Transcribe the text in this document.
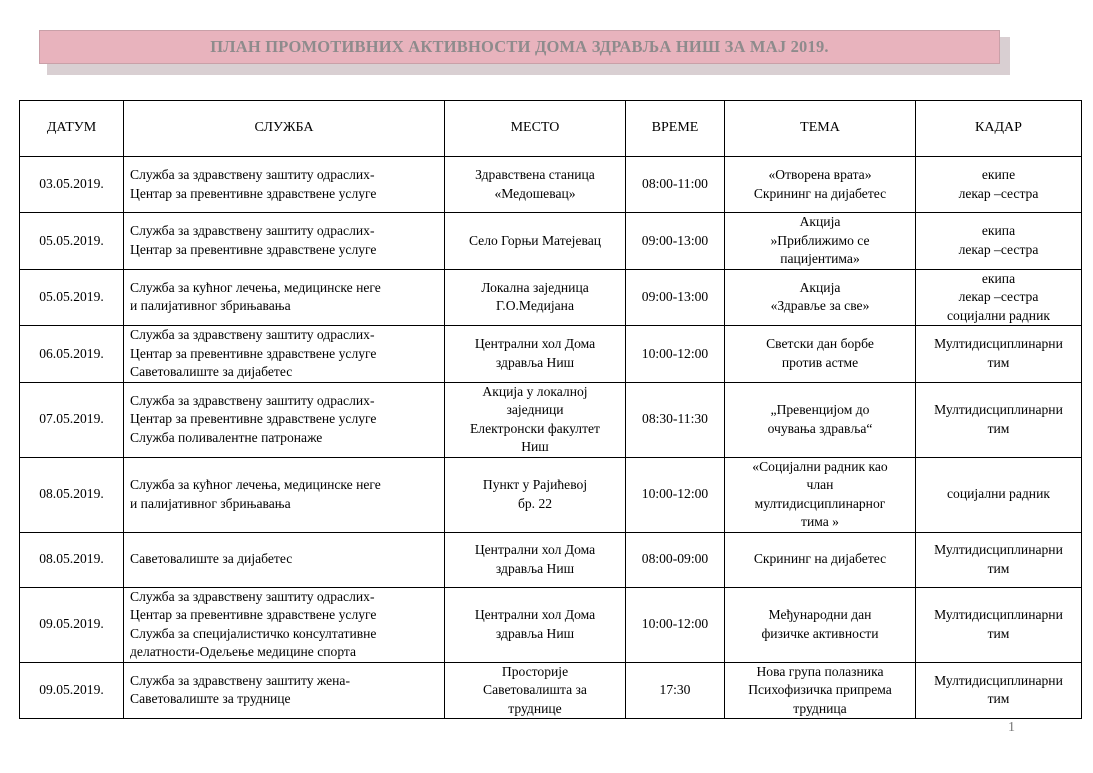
ПЛАН ПРОМОТИВНИХ АКТИВНОСТИ ДОМА ЗДРАВЉА НИШ ЗА МАЈ 2019.
ДАТУМ	СЛУЖБА	МЕСТО	ВРЕМЕ	ТЕМА	КАДАР
03.05.2019.	Служба за здравствену заштиту одраслих-
Центар за превентивне здравствене услуге	Здравствена станица
«Медошевац»	08:00-11:00	«Отворена врата»
Скрининг на дијабетес	екипе
лекар –сестра

05.05.2019.	Служба за здравствену заштиту одраслих-
Центар за превентивне здравствене услуге	Село Горњи Матејевац	09:00-13:00	Акција
»Приближимо се
пацијентима»	екипа
лекар –сестра

05.05.2019.	Служба за кућног лечења, медицинске неге
и палијативног збрињавања	Локална заједница
Г.О.Медијана	09:00-13:00	Акција
«Здравље за све»	екипа
лекар –сестра
социјални радник

06.05.2019.	Служба за здравствену заштиту одраслих-
Центар за превентивне здравствене услуге
Саветовалиште за дијабетес	Централни хол Дома
здравља Ниш	10:00-12:00	Светски дан борбе
против астме	Мултидисциплинарни
тим

07.05.2019.	Служба за здравствену заштиту одраслих-
Центар за превентивне здравствене услуге
Служба поливалентне патронаже	Акција у локалној
заједници
Електронски факултет
Ниш	08:30-11:30	„Превенцијом до
очувања здравља“	Мултидисциплинарни
тим

08.05.2019.	Служба за кућног лечења, медицинске неге
и палијативног збрињавања	Пункт у Рајићевој
бр. 22	10:00-12:00	«Социјални радник као
члан
мултидисциплинарног
тима »	социјални радник

08.05.2019.	Саветовалиште за дијабетес	Централни хол Дома
здравља Ниш	08:00-09:00	Скрининг на дијабетес	Мултидисциплинарни
тим

09.05.2019.	Служба за здравствену заштиту одраслих-
Центар за превентивне здравствене услуге
Служба за специјалистичко консултативне
делатности-Одељење медицине спорта	Централни хол Дома
здравља Ниш	10:00-12:00	Међународни дан
физичке активности	Мултидисциплинарни
тим

09.05.2019.	Служба за здравствену заштиту жена-
Саветовалиште за труднице	Просторије
Саветовалишта за
труднице	17:30	Нова група полазника
Психофизичка припрема
трудница	Мултидисциплинарни
тим
1
